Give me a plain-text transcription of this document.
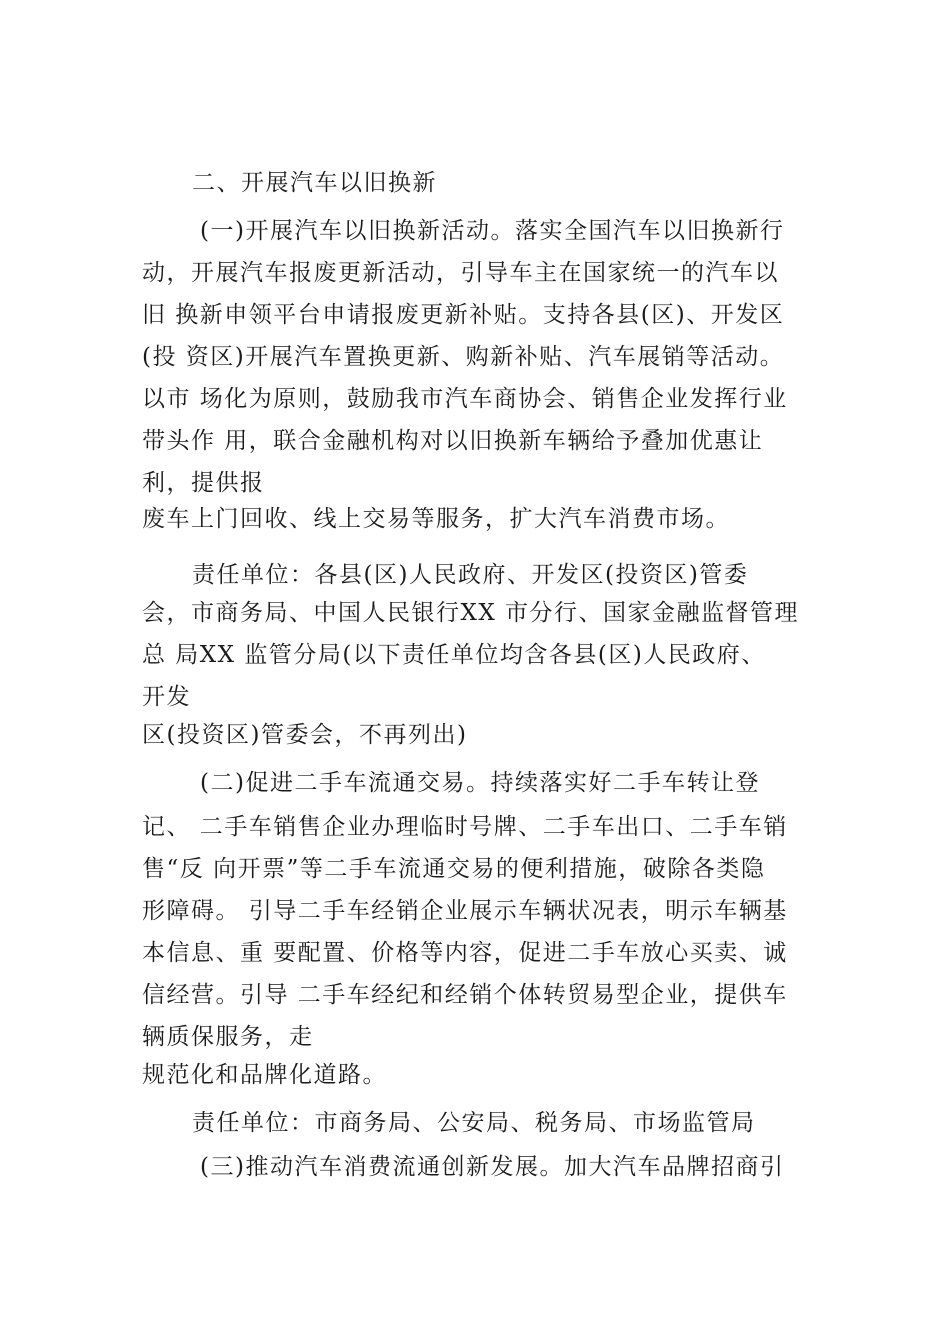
二、开展汽车以旧换新
(一)开展汽车以旧换新活动。落实全国汽车以旧换新行
动，开展汽车报废更新活动，引导车主在国家统一的汽车以
旧 换新申领平台申请报废更新补贴。支持各县(区)、开发区
(投 资区)开展汽车置换更新、购新补贴、汽车展销等活动。
以市 场化为原则，鼓励我市汽车商协会、销售企业发挥行业
带头作 用，联合金融机构对以旧换新车辆给予叠加优惠让
利，提供报
废车上门回收、线上交易等服务，扩大汽车消费市场。
责任单位：各县(区)人民政府、开发区(投资区)管委
会，市商务局、中国人民银行XX 市分行、国家金融监督管理
总 局XX 监管分局(以下责任单位均含各县(区)人民政府、
开发
区(投资区)管委会，不再列出)
(二)促进二手车流通交易。持续落实好二手车转让登
记、 二手车销售企业办理临时号牌、二手车出口、二手车销
售“反 向开票”等二手车流通交易的便利措施，破除各类隐
形障碍。 引导二手车经销企业展示车辆状况表，明示车辆基
本信息、重 要配置、价格等内容，促进二手车放心买卖、诚
信经营。引导 二手车经纪和经销个体转贸易型企业，提供车
辆质保服务，走
规范化和品牌化道路。
责任单位：市商务局、公安局、税务局、市场监管局
(三)推动汽车消费流通创新发展。加大汽车品牌招商引
